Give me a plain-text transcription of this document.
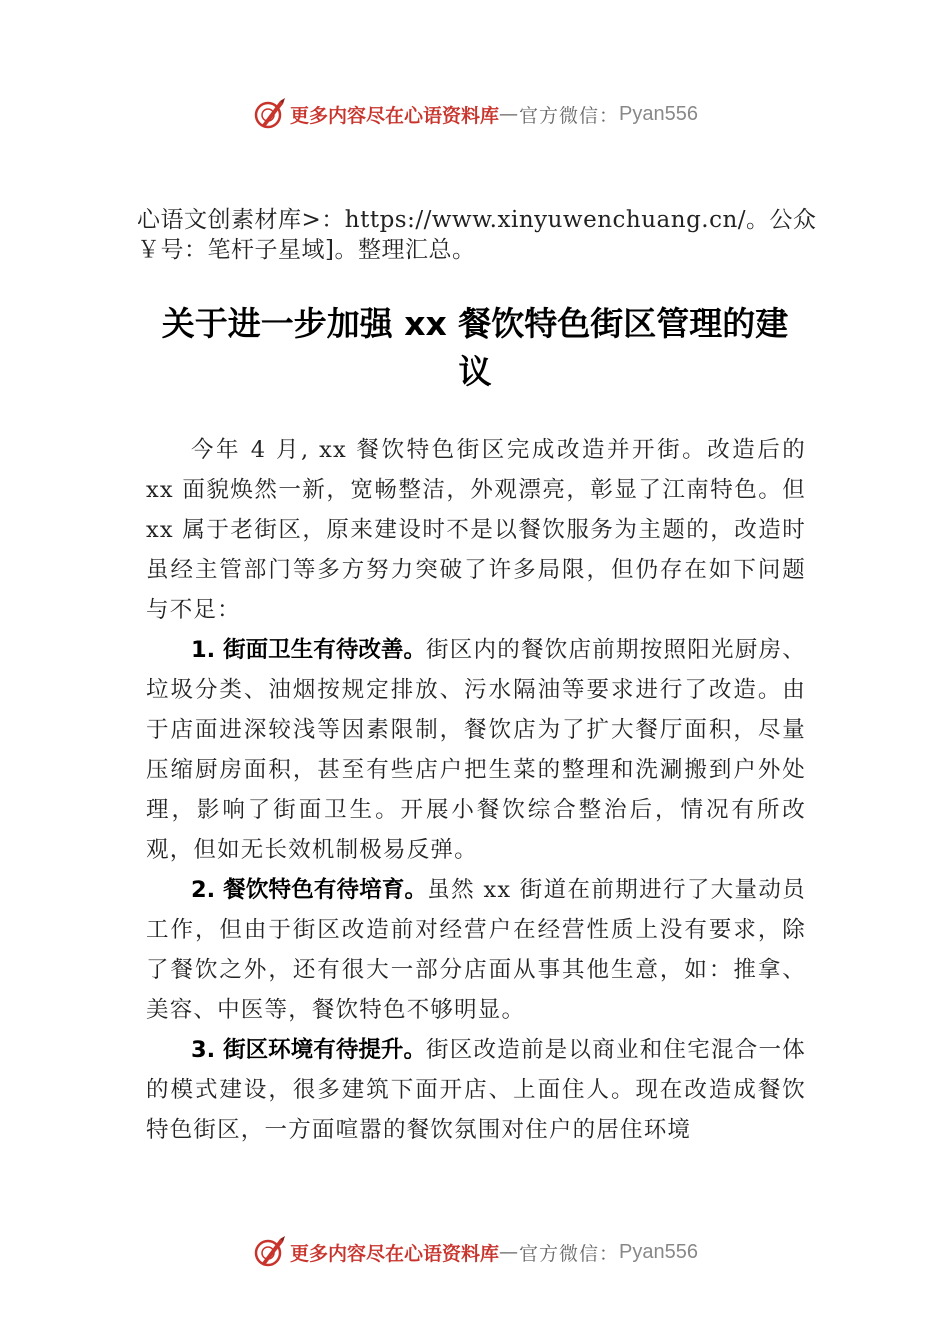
更多内容尽在心语资料库 — 官方微信： Pyan556
心语文创素材库>：https://www.xinyuwenchuang.cn/。公众
￥号：笔杆子星域]。整理汇总。
关于进一步加强 xx 餐饮特色街区管理的建
议

今年 4 月, xx 餐饮特色街区完成改造并开街。改造后的 xx 面貌焕然一新，宽畅整洁，外观漂亮，彰显了江南特色。但 xx 属于老街区，原来建设时不是以餐饮服务为主题的，改造时虽经主管部门等多方努力突破了许多局限，但仍存在如下问题与不足：

1. 街面卫生有待改善。街区内的餐饮店前期按照阳光厨房、垃圾分类、油烟按规定排放、污水隔油等要求进行了改造。由于店面进深较浅等因素限制，餐饮店为了扩大餐厅面积，尽量压缩厨房面积，甚至有些店户把生菜的整理和洗涮搬到户外处理，影响了街面卫生。开展小餐饮综合整治后，情况有所改观，但如无长效机制极易反弹。

2. 餐饮特色有待培育。虽然 xx 街道在前期进行了大量动员工作，但由于街区改造前对经营户在经营性质上没有要求，除了餐饮之外，还有很大一部分店面从事其他生意，如：推拿、美容、中医等，餐饮特色不够明显。

3. 街区环境有待提升。街区改造前是以商业和住宅混合一体的模式建设，很多建筑下面开店、上面住人。现在改造成餐饮特色街区，一方面喧嚣的餐饮氛围对住户的居住环境

更多内容尽在心语资料库 — 官方微信： Pyan556
